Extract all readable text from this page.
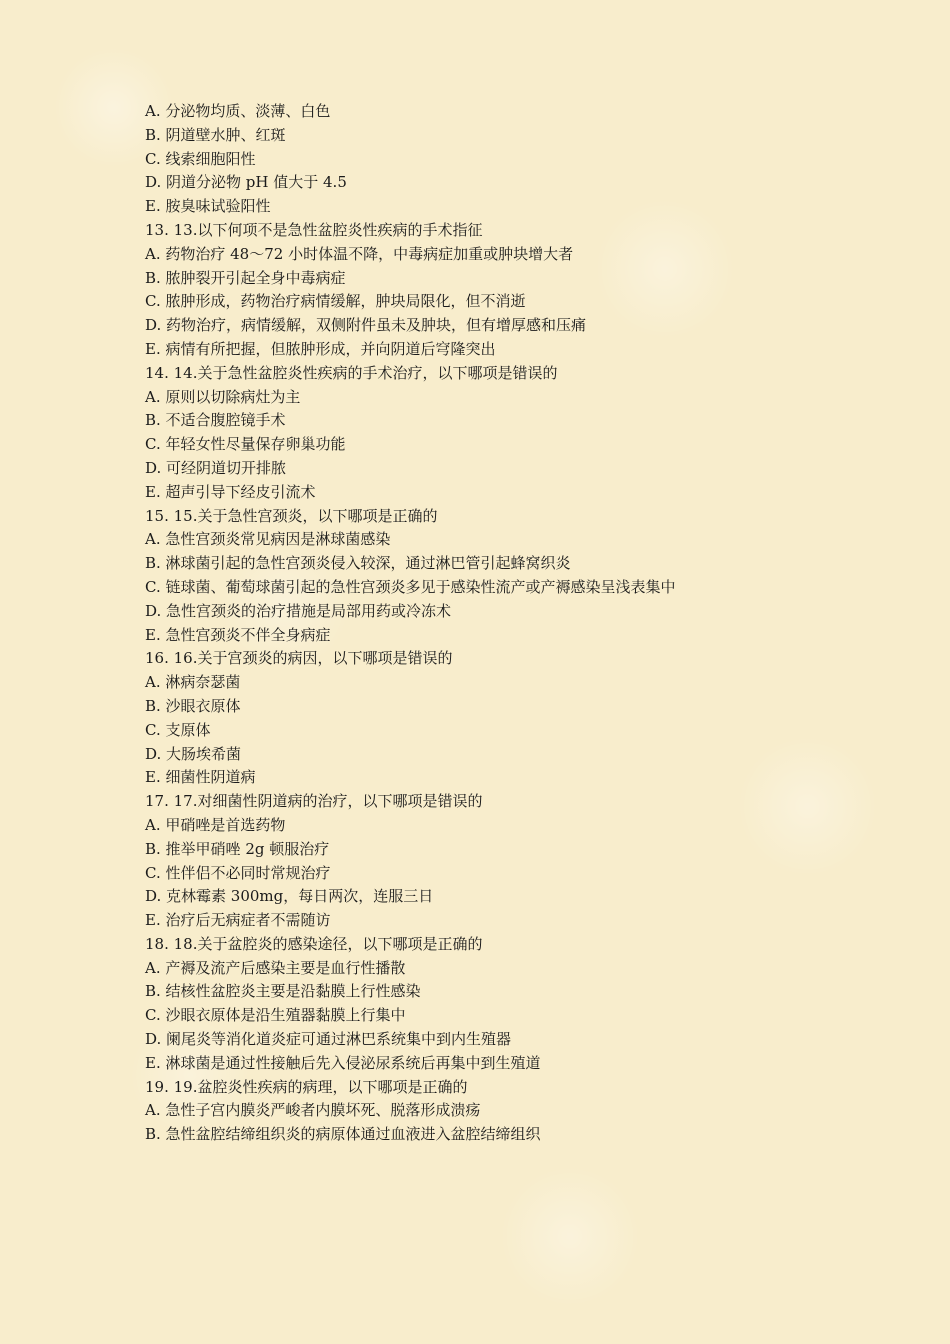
A. 分泌物均质、淡薄、白色
B. 阴道壁水肿、红斑
C. 线索细胞阳性
D. 阴道分泌物 pH 值大于 4.5
E. 胺臭味试验阳性
13. 13.以下何项不是急性盆腔炎性疾病的手术指征
A. 药物治疗 48～72 小时体温不降，中毒病症加重或肿块增大者
B. 脓肿裂开引起全身中毒病症
C. 脓肿形成，药物治疗病情缓解，肿块局限化，但不消逝
D. 药物治疗，病情缓解，双侧附件虽未及肿块，但有增厚感和压痛
E. 病情有所把握，但脓肿形成，并向阴道后穹隆突出
14. 14.关于急性盆腔炎性疾病的手术治疗，以下哪项是错误的
A. 原则以切除病灶为主
B. 不适合腹腔镜手术
C. 年轻女性尽量保存卵巢功能
D. 可经阴道切开排脓
E. 超声引导下经皮引流术
15. 15.关于急性宫颈炎，以下哪项是正确的
A. 急性宫颈炎常见病因是淋球菌感染
B. 淋球菌引起的急性宫颈炎侵入较深，通过淋巴管引起蜂窝织炎
C. 链球菌、葡萄球菌引起的急性宫颈炎多见于感染性流产或产褥感染呈浅表集中
D. 急性宫颈炎的治疗措施是局部用药或冷冻术
E. 急性宫颈炎不伴全身病症
16. 16.关于宫颈炎的病因，以下哪项是错误的
A. 淋病奈瑟菌
B. 沙眼衣原体
C. 支原体
D. 大肠埃希菌
E. 细菌性阴道病
17. 17.对细菌性阴道病的治疗，以下哪项是错误的
A. 甲硝唑是首选药物
B. 推举甲硝唑 2g 顿服治疗
C. 性伴侣不必同时常规治疗
D. 克林霉素 300mg，每日两次，连服三日
E. 治疗后无病症者不需随访
18. 18.关于盆腔炎的感染途径，以下哪项是正确的
A. 产褥及流产后感染主要是血行性播散
B. 结核性盆腔炎主要是沿黏膜上行性感染
C. 沙眼衣原体是沿生殖器黏膜上行集中
D. 阑尾炎等消化道炎症可通过淋巴系统集中到内生殖器
E. 淋球菌是通过性接触后先入侵泌尿系统后再集中到生殖道
19. 19.盆腔炎性疾病的病理，以下哪项是正确的
A. 急性子宫内膜炎严峻者内膜坏死、脱落形成溃疡
B. 急性盆腔结缔组织炎的病原体通过血液进入盆腔结缔组织
